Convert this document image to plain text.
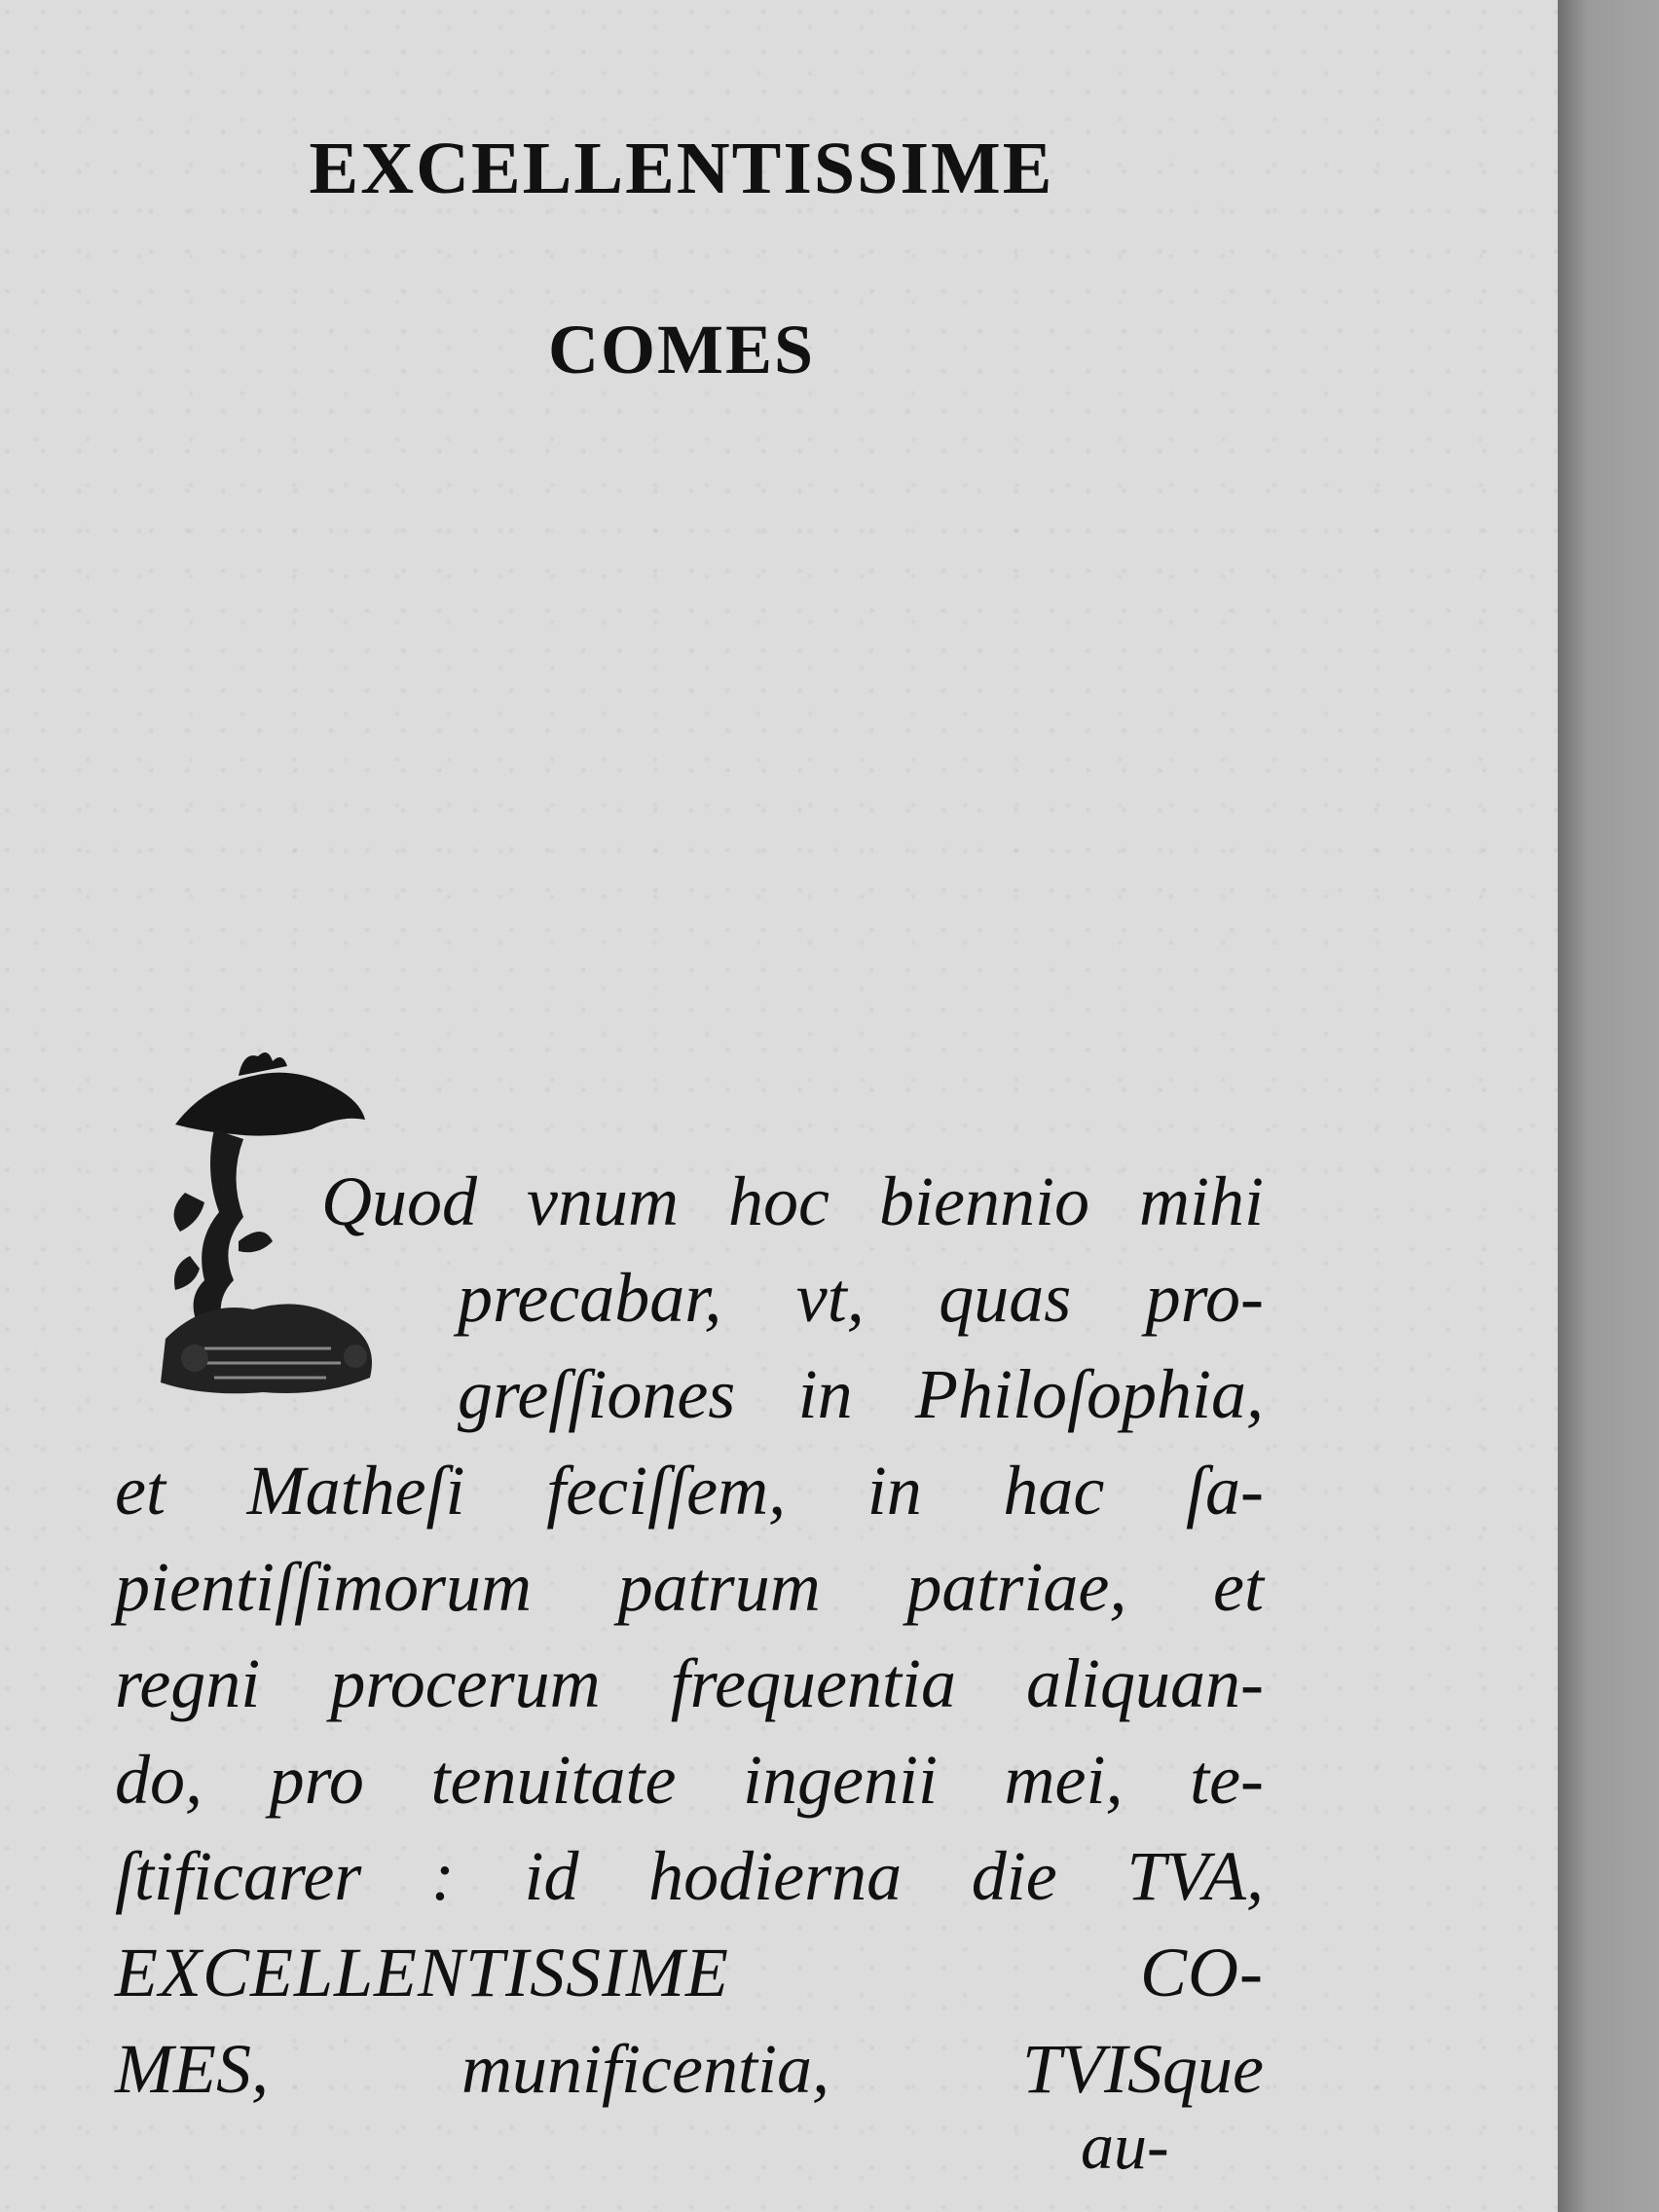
EXCELLENTISSIME
COMES
Quod vnum hoc biennio mihi
precabar, vt, quas pro-
greſſiones in Philoſophia,
et Matheſi feciſſem, in hac ſa-
pientiſſimorum patrum patriae, et
regni procerum frequentia aliquan-
do, pro tenuitate ingenii mei, te-
ſtificarer : id hodierna die TVA,
EXCELLENTISSIME CO-
MES, munificentia, TVISque
au-
